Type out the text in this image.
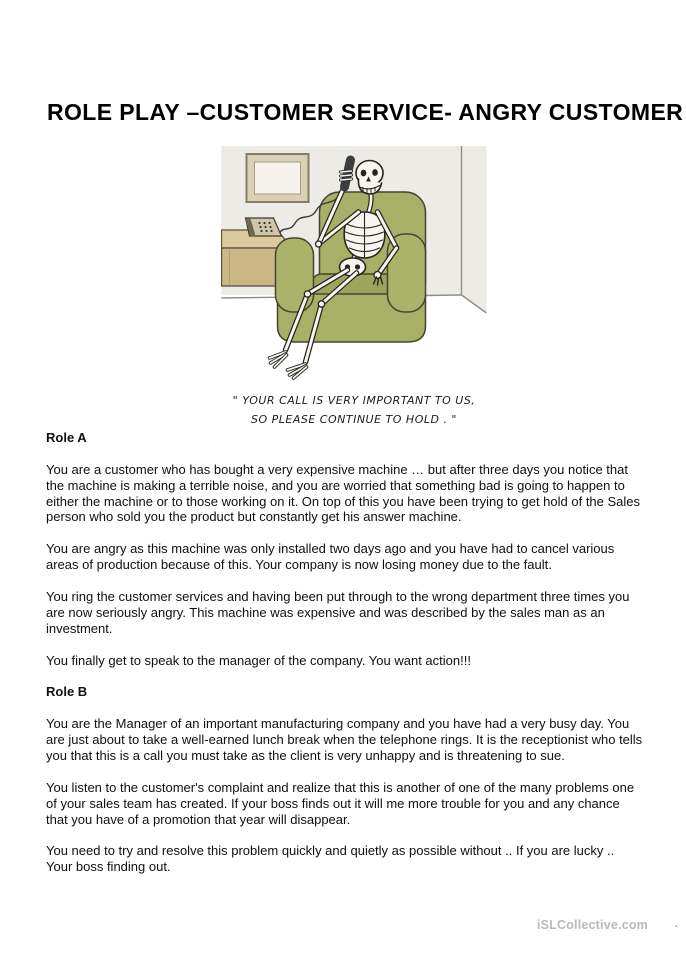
ROLE PLAY –CUSTOMER SERVICE- ANGRY CUSTOMER
" YOUR CALL IS VERY IMPORTANT TO US,
SO PLEASE CONTINUE TO HOLD . "
Role A

You are a customer who has bought a very expensive machine … but after three days you notice that the machine is making a terrible noise, and you are worried that something bad is going to happen to either the machine or to those working on it. On top of this you have been trying to get hold of the Sales person who sold you the product but constantly get his answer machine.

You are angry as this machine was only installed two days ago and you have had to cancel various areas of production because of this. Your company is now losing money due to the fault.

You ring the customer services and having been put through to the wrong department three times you are now seriously angry. This machine was expensive and was described by the sales man as an investment.

You finally get to speak to the manager of the company. You want action!!!

Role B

You are the Manager of an important manufacturing company and you have had a very busy day. You are just about to take a well-earned lunch break when the telephone rings. It is the receptionist who tells you that this is a call you must take as the client is very unhappy and is threatening to sue.

You listen to the customer's complaint and realize that this is another of one of the many problems one of your sales team has created. If your boss finds out it will me more trouble for you and any chance that you have of a promotion that year will disappear.

You need to try and resolve this problem quickly and quietly as possible without .. If you are lucky .. Your boss finding out.

iSLCollective.com .
